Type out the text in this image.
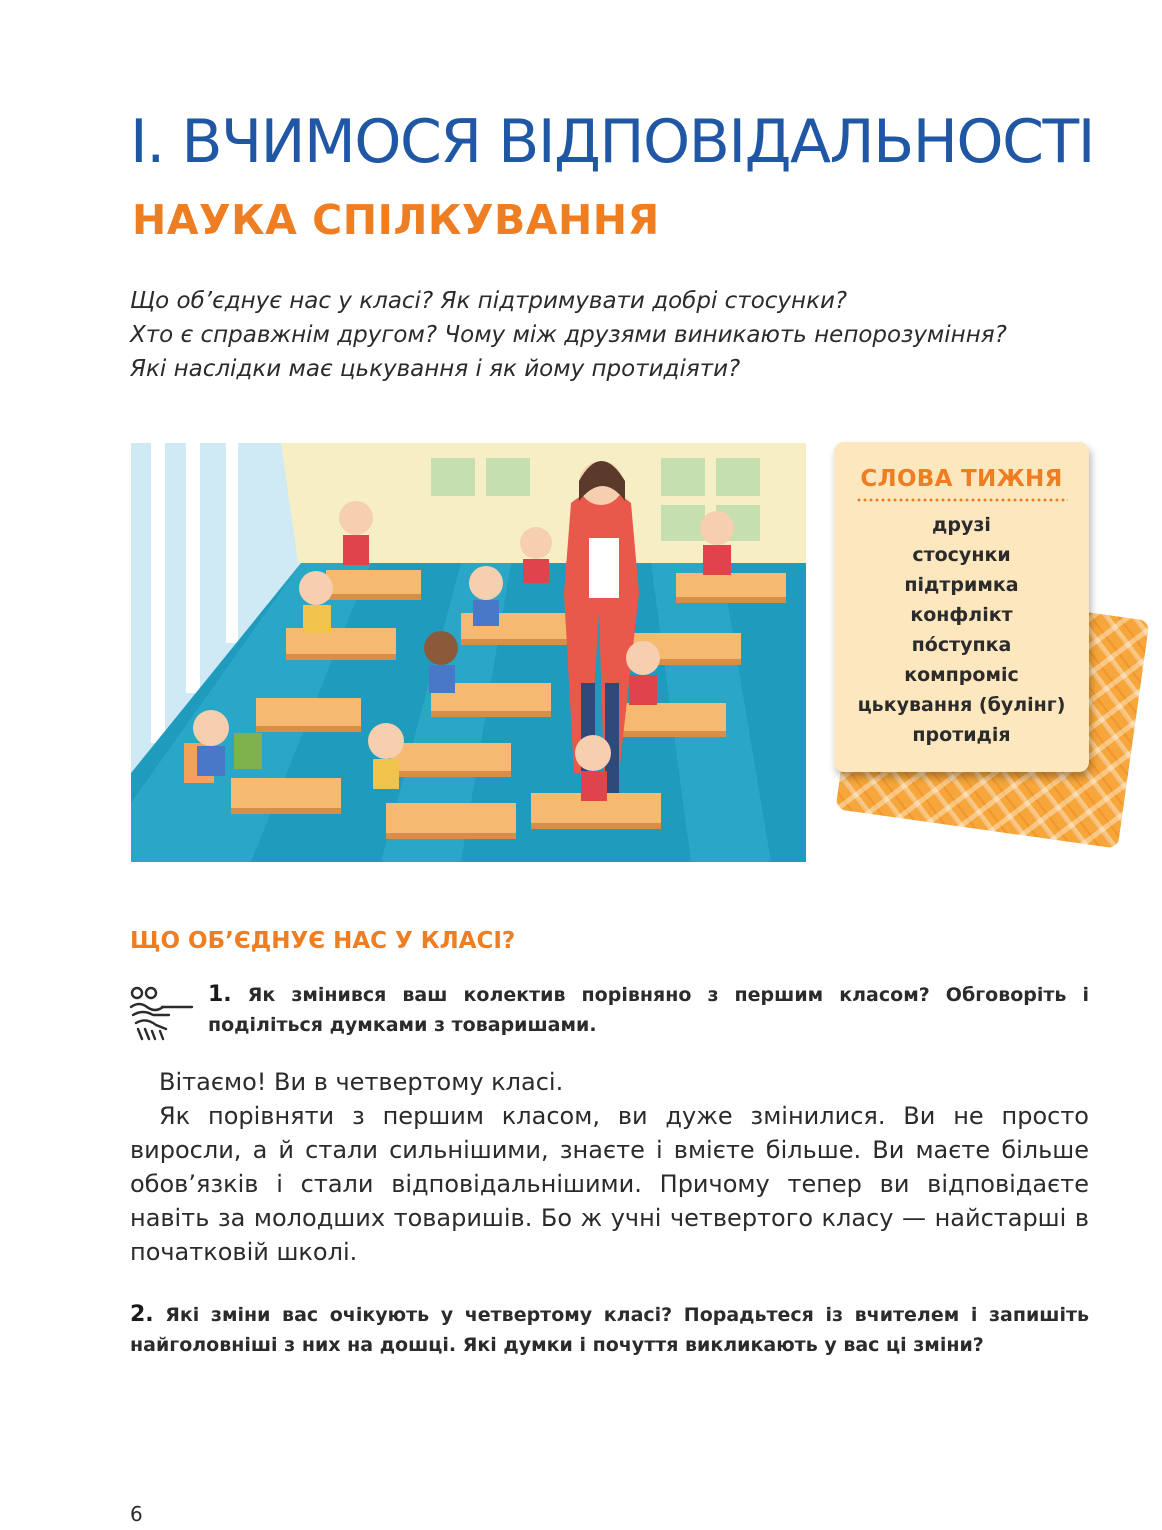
І. ВЧИМОСЯ ВІДПОВІДАЛЬНОСТІ
НАУКА СПІЛКУВАННЯ
Що об’єднує нас у класі? Як підтримувати добрі стосунки?
Хто є справжнім другом? Чому між друзями виникають непорозуміння?
Які наслідки має цькування і як йому протидіяти?
СЛОВА ТИЖНЯ
друзі
стосунки
підтримка
конфлікт
по́ступка
компроміс
цькування (булінг)
протидія
ЩО ОБ’ЄДНУЄ НАС У КЛАСІ?

1. Як змінився ваш колектив порівняно з першим класом? Обговоріть і поділіться думками з товаришами.

Вітаємо! Ви в четвертому класі.

Як порівняти з першим класом, ви дуже змінилися. Ви не просто виросли, а й стали сильнішими, знаєте і вмієте більше. Ви маєте більше обов’язків і стали відповідальнішими. Причому тепер ви відповідаєте навіть за молодших товаришів. Бо ж учні четвертого класу — найстарші в початковій школі.

2. Які зміни вас очікують у четвертому класі? Порадьтеся із вчителем і запишіть найголовніші з них на дошці. Які думки і почуття викликають у вас ці зміни?

6
